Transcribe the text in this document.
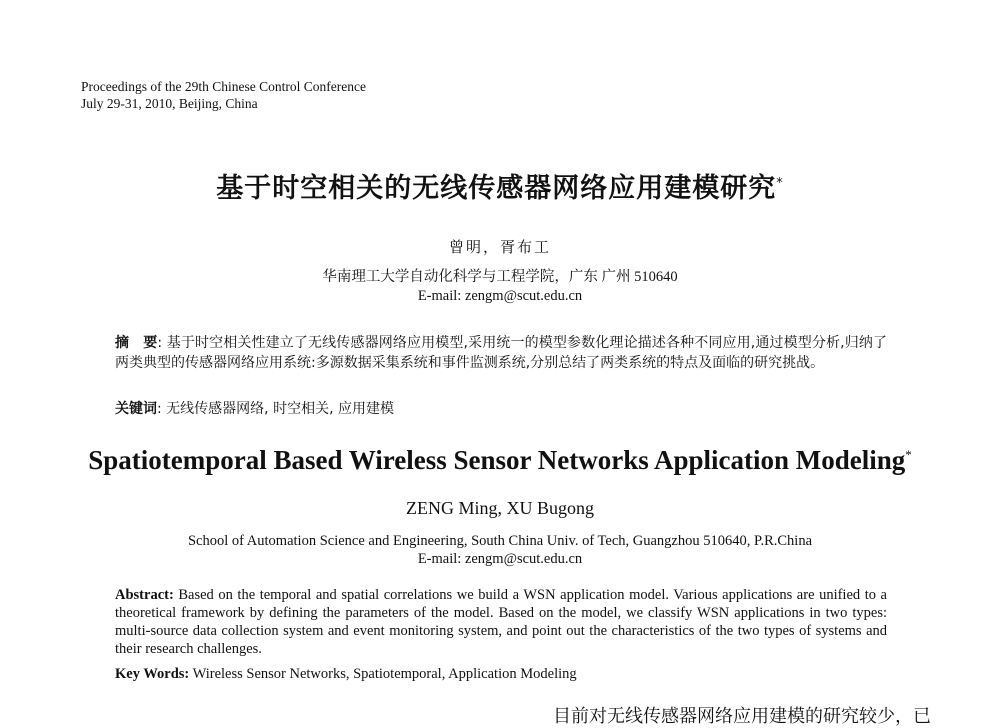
Proceedings of the 29th Chinese Control Conference
July 29-31, 2010, Beijing, China
基于时空相关的无线传感器网络应用建模研究*
曾明，胥布工
华南理工大学自动化科学与工程学院，广东 广州 510640
E-mail: zengm@scut.edu.cn
摘　要: 基于时空相关性建立了无线传感器网络应用模型,采用统一的模型参数化理论描述各种不同应用,通过模型分析,归纳了两类典型的传感器网络应用系统:多源数据采集系统和事件监测系统,分别总结了两类系统的特点及面临的研究挑战。
关键词: 无线传感器网络, 时空相关, 应用建模
Spatiotemporal Based Wireless Sensor Networks Application Modeling*
ZENG Ming, XU Bugong
School of Automation Science and Engineering, South China Univ. of Tech, Guangzhou 510640, P.R.China
E-mail: zengm@scut.edu.cn
Abstract: Based on the temporal and spatial correlations we build a WSN application model. Various applications are unified to a theoretical framework by defining the parameters of the model. Based on the model, we classify WSN applications in two types: multi-source data collection system and event monitoring system, and point out the characteristics of the two types of systems and their research challenges.
Key Words: Wireless Sensor Networks, Spatiotemporal, Application Modeling
目前对无线传感器网络应用建模的研究较少，已
